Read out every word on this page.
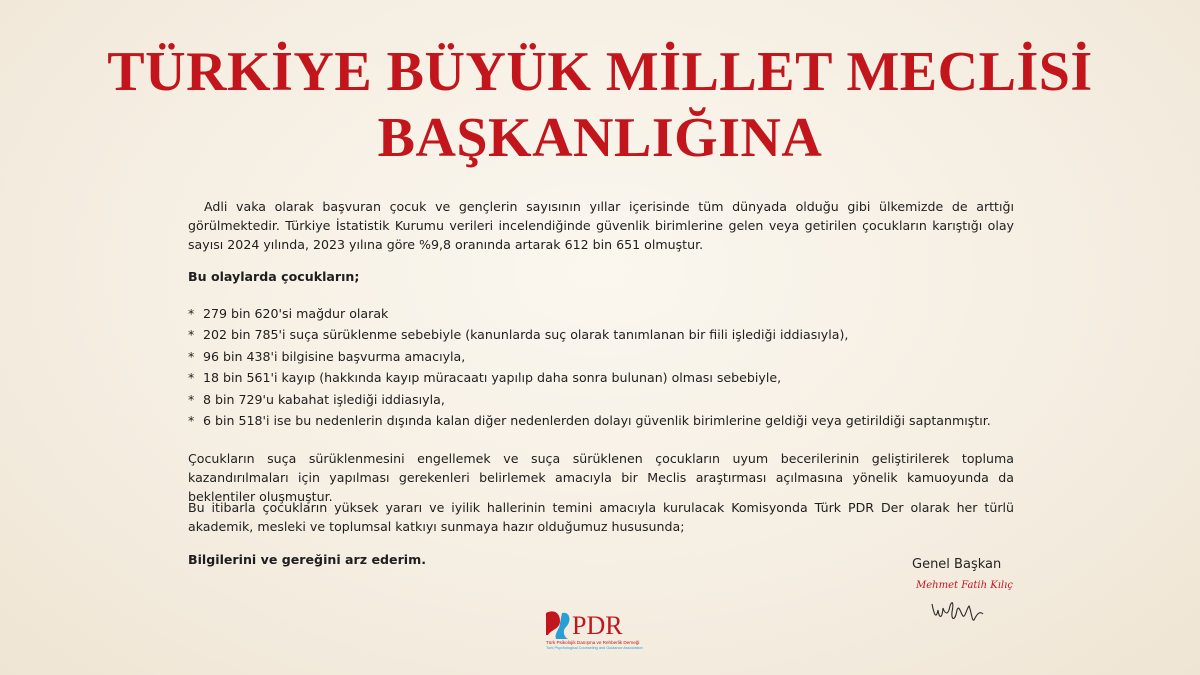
TÜRKİYE BÜYÜK MİLLET MECLİSİ
BAŞKANLIĞINA

Adli vaka olarak başvuran çocuk ve gençlerin sayısının yıllar içerisinde tüm dünyada olduğu gibi ülkemizde de arttığı görülmektedir. Türkiye İstatistik Kurumu verileri incelendiğinde güvenlik birimlerine gelen veya getirilen çocukların karıştığı olay sayısı 2024 yılında, 2023 yılına göre %9,8 oranında artarak 612 bin 651 olmuştur.

Bu olaylarda çocukların;

* 279 bin 620'si mağdur olarak
* 202 bin 785'i suça sürüklenme sebebiyle (kanunlarda suç olarak tanımlanan bir fiili işlediği iddiasıyla),
* 96 bin 438'i bilgisine başvurma amacıyla,
* 18 bin 561'i kayıp (hakkında kayıp müracaatı yapılıp daha sonra bulunan) olması sebebiyle,
* 8 bin 729'u kabahat işlediği iddiasıyla,
* 6 bin 518'i ise bu nedenlerin dışında kalan diğer nedenlerden dolayı güvenlik birimlerine geldiği veya getirildiği saptanmıştır.

Çocukların suça sürüklenmesini engellemek ve suça sürüklenen çocukların uyum becerilerinin geliştirilerek topluma kazandırılmaları için yapılması gerekenleri belirlemek amacıyla bir Meclis araştırması açılmasına yönelik kamuoyunda da beklentiler oluşmuştur.

Bu itibarla çocukların yüksek yararı ve iyilik hallerinin temini amacıyla kurulacak Komisyonda Türk PDR Der olarak her türlü akademik, mesleki ve toplumsal katkıyı sunmaya hazır olduğumuz hususunda;

Bilgilerini ve gereğini arz ederim.	Genel Başkan
Mehmet Fatih Kılıç
PDR
Türk Psikolojik Danışma ve Rehberlik Derneği
Turk Psychological Counseling and Guidance Association
